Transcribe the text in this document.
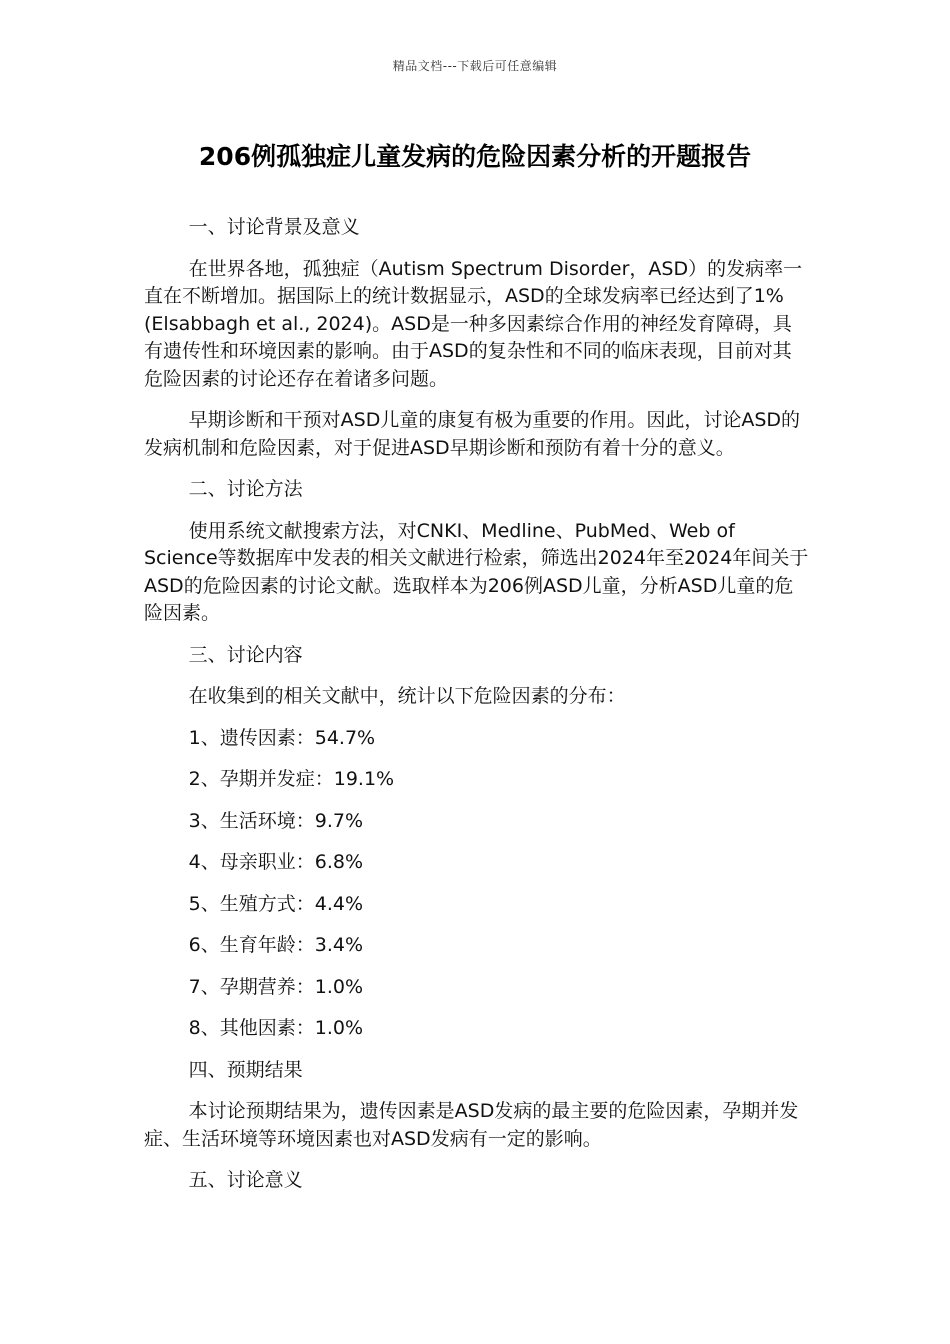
精品文档---下载后可任意编辑
206例孤独症儿童发病的危险因素分析的开题报告

一、讨论背景及意义

在世界各地，孤独症（Autism Spectrum Disorder，ASD）的发病率一直在不断增加。据国际上的统计数据显示，ASD的全球发病率已经达到了1%(Elsabbagh et al., 2024)。ASD是一种多因素综合作用的神经发育障碍，具有遗传性和环境因素的影响。由于ASD的复杂性和不同的临床表现，目前对其危险因素的讨论还存在着诸多问题。

早期诊断和干预对ASD儿童的康复有极为重要的作用。因此，讨论ASD的发病机制和危险因素，对于促进ASD早期诊断和预防有着十分的意义。

二、讨论方法

使用系统文献搜索方法，对CNKI、Medline、PubMed、Web of Science等数据库中发表的相关文献进行检索，筛选出2024年至2024年间关于ASD的危险因素的讨论文献。选取样本为206例ASD儿童，分析ASD儿童的危险因素。

三、讨论内容

在收集到的相关文献中，统计以下危险因素的分布：

1、遗传因素：54.7%

2、孕期并发症：19.1%

3、生活环境：9.7%

4、母亲职业：6.8%

5、生殖方式：4.4%

6、生育年龄：3.4%

7、孕期营养：1.0%

8、其他因素：1.0%

四、预期结果

本讨论预期结果为，遗传因素是ASD发病的最主要的危险因素，孕期并发症、生活环境等环境因素也对ASD发病有一定的影响。

五、讨论意义
